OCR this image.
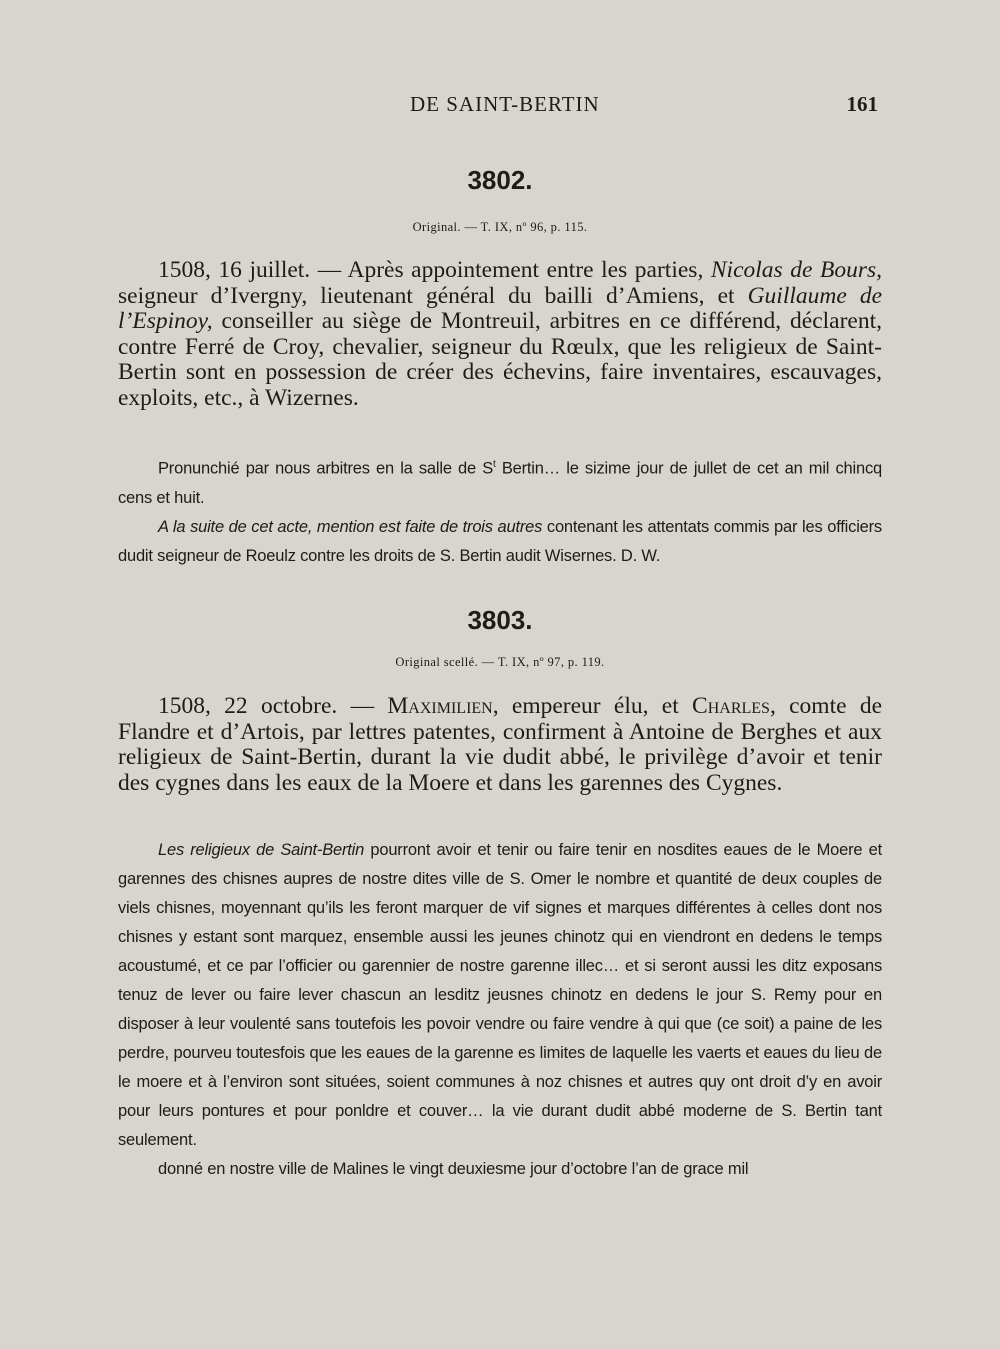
DE SAINT-BERTIN	161
3802.
Original. — T. IX, nº 96, p. 115.

1508, 16 juillet. — Après appointement entre les parties, Nicolas de Bours, seigneur d’Ivergny, lieutenant général du bailli d’Amiens, et Guillaume de l’Espinoy, conseiller au siège de Montreuil, arbitres en ce différend, déclarent, contre Ferré de Croy, chevalier, seigneur du Rœulx, que les religieux de Saint-Bertin sont en possession de créer des échevins, faire inventaires, escauvages, exploits, etc., à Wizernes.

Pronunchié par nous arbitres en la salle de $S^t$ Bertin… le sizime jour de jullet de cet an mil chincq cens et huit.

A la suite de cet acte, mention est faite de trois autres contenant les attentats commis par les officiers dudit seigneur de Roeulz contre les droits de S. Bertin audit Wisernes. D. W.

3803.
Original scellé. — T. IX, nº 97, p. 119.

1508, 22 octobre. — Maximilien, empereur élu, et Charles, comte de Flandre et d’Artois, par lettres patentes, confirment à Antoine de Berghes et aux religieux de Saint-Bertin, durant la vie dudit abbé, le privilège d’avoir et tenir des cygnes dans les eaux de la Moere et dans les garennes des Cygnes.

Les religieux de Saint-Bertin pourront avoir et tenir ou faire tenir en nosdites eaues de le Moere et garennes des chisnes aupres de nostre dites ville de S. Omer le nombre et quantité de deux couples de viels chisnes, moyennant qu’ils les feront marquer de vif signes et marques différentes à celles dont nos chisnes y estant sont marquez, ensemble aussi les jeunes chinotz qui en viendront en dedens le temps acoustumé, et ce par l’officier ou garennier de nostre garenne illec… et si seront aussi les ditz exposans tenuz de lever ou faire lever chascun an lesditz jeusnes chinotz en dedens le jour S. Remy pour en disposer à leur voulenté sans toutefois les povoir vendre ou faire vendre à qui que (ce soit) a paine de les perdre, pourveu toutesfois que les eaues de la garenne es limites de laquelle les vaerts et eaues du lieu de le moere et à l’environ sont situées, soient communes à noz chisnes et autres quy ont droit d’y en avoir pour leurs pontures et pour ponldre et couver… la vie durant dudit abbé moderne de S. Bertin tant seulement.

donné en nostre ville de Malines le vingt deuxiesme jour d’octobre l’an de grace mil
